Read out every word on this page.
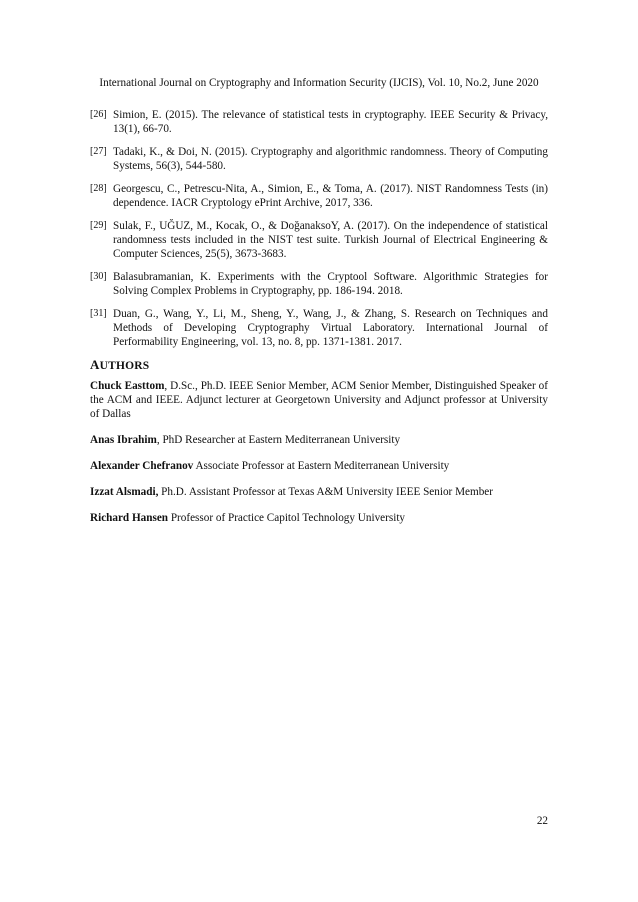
International Journal on Cryptography and Information Security (IJCIS), Vol. 10, No.2, June 2020
[26] Simion, E. (2015). The relevance of statistical tests in cryptography. IEEE Security & Privacy, 13(1), 66-70.
[27] Tadaki, K., & Doi, N. (2015). Cryptography and algorithmic randomness. Theory of Computing Systems, 56(3), 544-580.
[28] Georgescu, C., Petrescu-Nita, A., Simion, E., & Toma, A. (2017). NIST Randomness Tests (in) dependence. IACR Cryptology ePrint Archive, 2017, 336.
[29] Sulak, F., UĞUZ, M., Kocak, O., & DoğanaksoY, A. (2017). On the independence of statistical randomness tests included in the NIST test suite. Turkish Journal of Electrical Engineering & Computer Sciences, 25(5), 3673-3683.
[30] Balasubramanian, K. Experiments with the Cryptool Software. Algorithmic Strategies for Solving Complex Problems in Cryptography, pp. 186-194. 2018.
[31] Duan, G., Wang, Y., Li, M., Sheng, Y., Wang, J., & Zhang, S. Research on Techniques and Methods of Developing Cryptography Virtual Laboratory. International Journal of Performability Engineering, vol. 13, no. 8, pp. 1371-1381. 2017.
AUTHORS

Chuck Easttom, D.Sc., Ph.D. IEEE Senior Member, ACM Senior Member, Distinguished Speaker of the ACM and IEEE. Adjunct lecturer at Georgetown University and Adjunct professor at University of Dallas

Anas Ibrahim, PhD Researcher at Eastern Mediterranean University

Alexander Chefranov Associate Professor at Eastern Mediterranean University

Izzat Alsmadi, Ph.D. Assistant Professor at Texas A&M University IEEE Senior Member

Richard Hansen Professor of Practice Capitol Technology University

22
